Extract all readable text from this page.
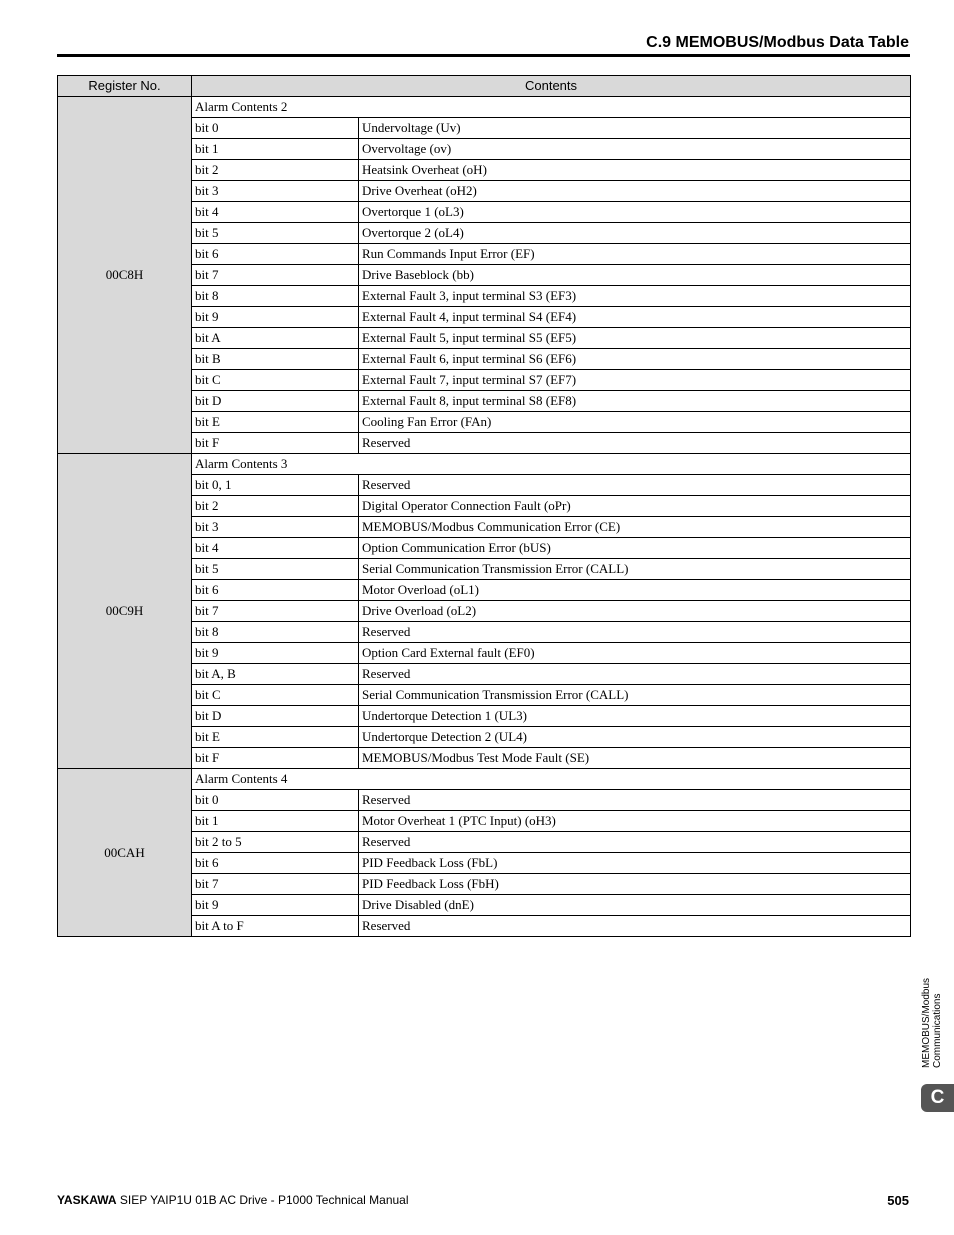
C.9 MEMOBUS/Modbus Data Table
Register No.	Contents	
00C8H	Alarm Contents 2	
	bit 0	Undervoltage (Uv)
	bit 1	Overvoltage (ov)
	bit 2	Heatsink Overheat (oH)
	bit 3	Drive Overheat (oH2)
	bit 4	Overtorque 1 (oL3)
	bit 5	Overtorque 2 (oL4)
	bit 6	Run Commands Input Error (EF)
	bit 7	Drive Baseblock (bb)
	bit 8	External Fault 3, input terminal S3 (EF3)
	bit 9	External Fault 4, input terminal S4 (EF4)
	bit A	External Fault 5, input terminal S5 (EF5)
	bit B	External Fault 6, input terminal S6 (EF6)
	bit C	External Fault 7, input terminal S7 (EF7)
	bit D	External Fault 8, input terminal S8 (EF8)
	bit E	Cooling Fan Error (FAn)
	bit F	Reserved
00C9H	Alarm Contents 3	
	bit 0, 1	Reserved
	bit 2	Digital Operator Connection Fault (oPr)
	bit 3	MEMOBUS/Modbus Communication Error (CE)
	bit 4	Option Communication Error (bUS)
	bit 5	Serial Communication Transmission Error (CALL)
	bit 6	Motor Overload (oL1)
	bit 7	Drive Overload (oL2)
	bit 8	Reserved
	bit 9	Option Card External fault (EF0)
	bit A, B	Reserved
	bit C	Serial Communication Transmission Error (CALL)
	bit D	Undertorque Detection 1 (UL3)
	bit E	Undertorque Detection 2 (UL4)
	bit F	MEMOBUS/Modbus Test Mode Fault (SE)
00CAH	Alarm Contents 4	
	bit 0	Reserved
	bit 1	Motor Overheat 1 (PTC Input) (oH3)
	bit 2 to 5	Reserved
	bit 6	PID Feedback Loss (FbL)
	bit 7	PID Feedback Loss (FbH)
	bit 9	Drive Disabled (dnE)
	bit A to F	Reserved
MEMOBUS/Modbus Communications
C
YASKAWA SIEP YAIP1U 01B AC Drive - P1000 Technical Manual	505
